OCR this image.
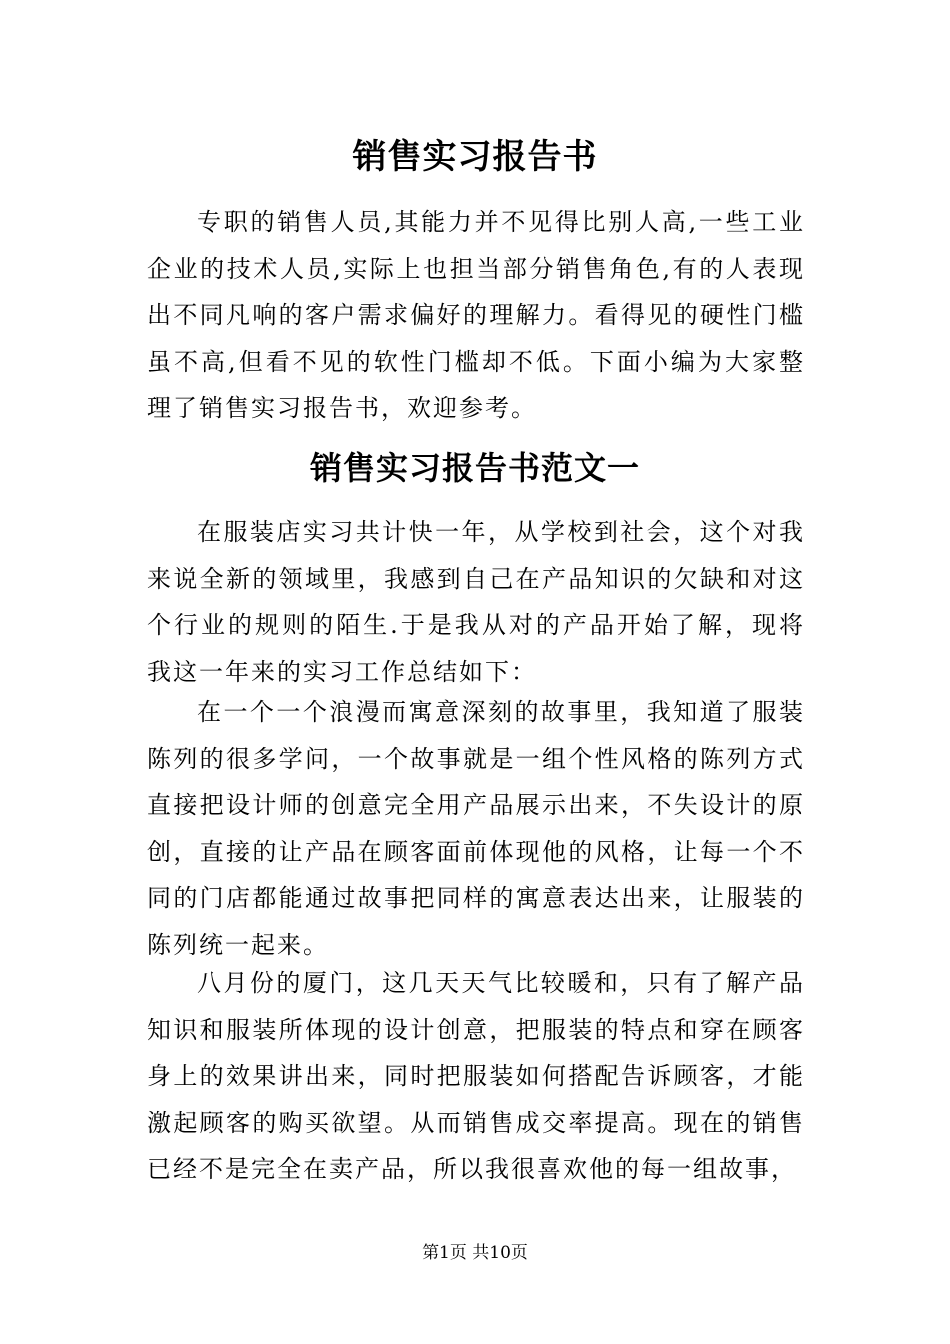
销售实习报告书

专职的销售人员,其能力并不见得比别人高,一些工业企业的技术人员,实际上也担当部分销售角色,有的人表现出不同凡响的客户需求偏好的理解力。看得见的硬性门槛虽不高,但看不见的软性门槛却不低。下面小编为大家整理了销售实习报告书，欢迎参考。

销售实习报告书范文一

在服装店实习共计快一年，从学校到社会，这个对我来说全新的领域里，我感到自己在产品知识的欠缺和对这个行业的规则的陌生.于是我从对的产品开始了解，现将我这一年来的实习工作总结如下：

在一个一个浪漫而寓意深刻的故事里，我知道了服装陈列的很多学问，一个故事就是一组个性风格的陈列方式直接把设计师的创意完全用产品展示出来，不失设计的原创，直接的让产品在顾客面前体现他的风格，让每一个不同的门店都能通过故事把同样的寓意表达出来，让服装的陈列统一起来。

八月份的厦门，这几天天气比较暖和，只有了解产品知识和服装所体现的设计创意，把服装的特点和穿在顾客身上的效果讲出来，同时把服装如何搭配告诉顾客，才能激起顾客的购买欲望。从而销售成交率提高。现在的销售已经不是完全在卖产品，所以我很喜欢他的每一组故事，

第1页 共10页
